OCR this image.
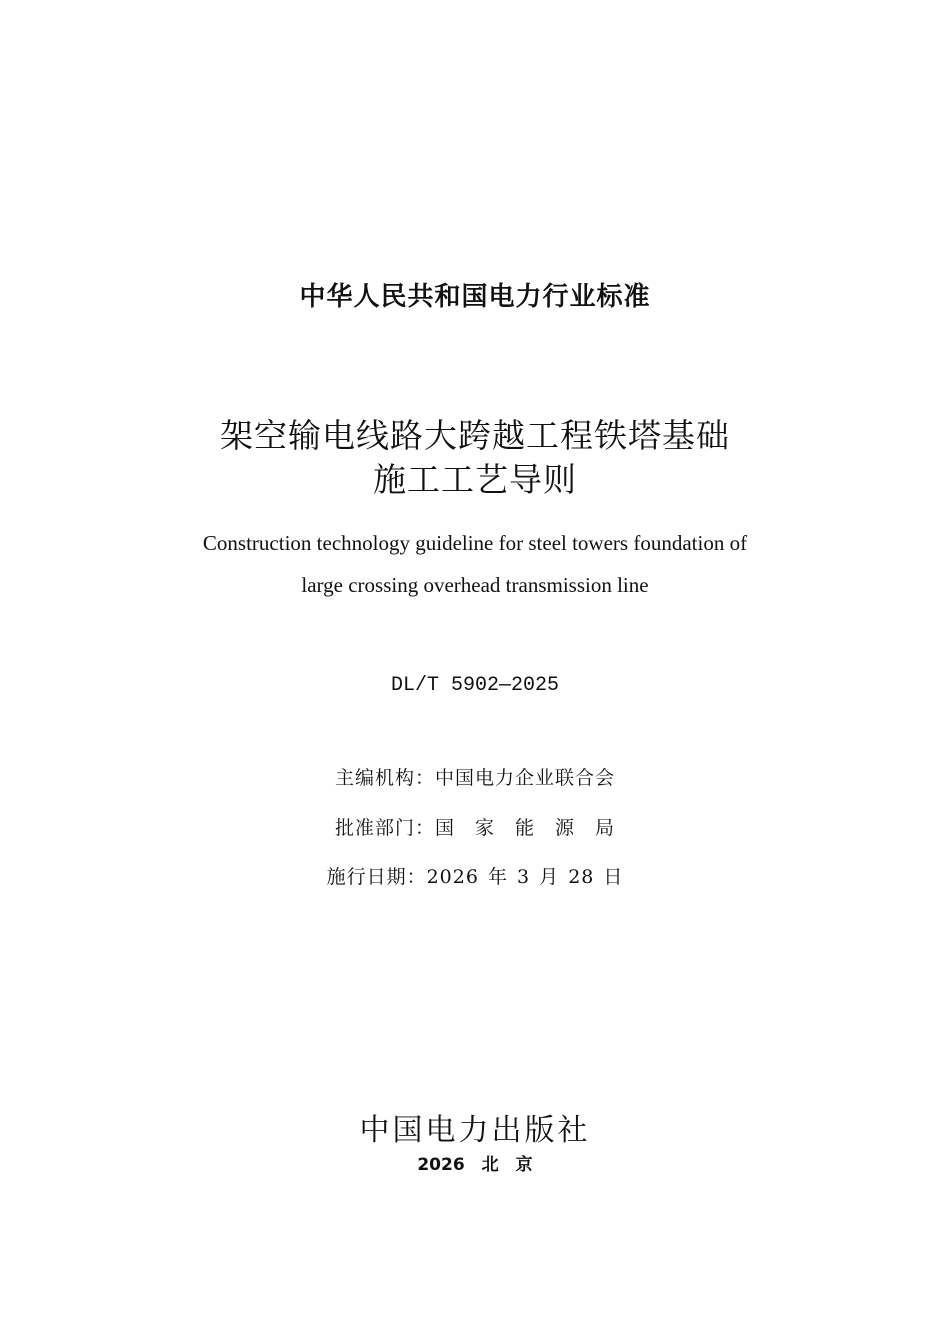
中华人民共和国电力行业标准
架空输电线路大跨越工程铁塔基础
施工工艺导则
Construction technology guideline for steel towers foundation of
large crossing overhead transmission line
DL/T 5902—2025
主编机构：中国电力企业联合会
批准部门：国　家　能　源　局
施行日期：2026 年 3 月 28 日
中国电力出版社
2026　北　京
